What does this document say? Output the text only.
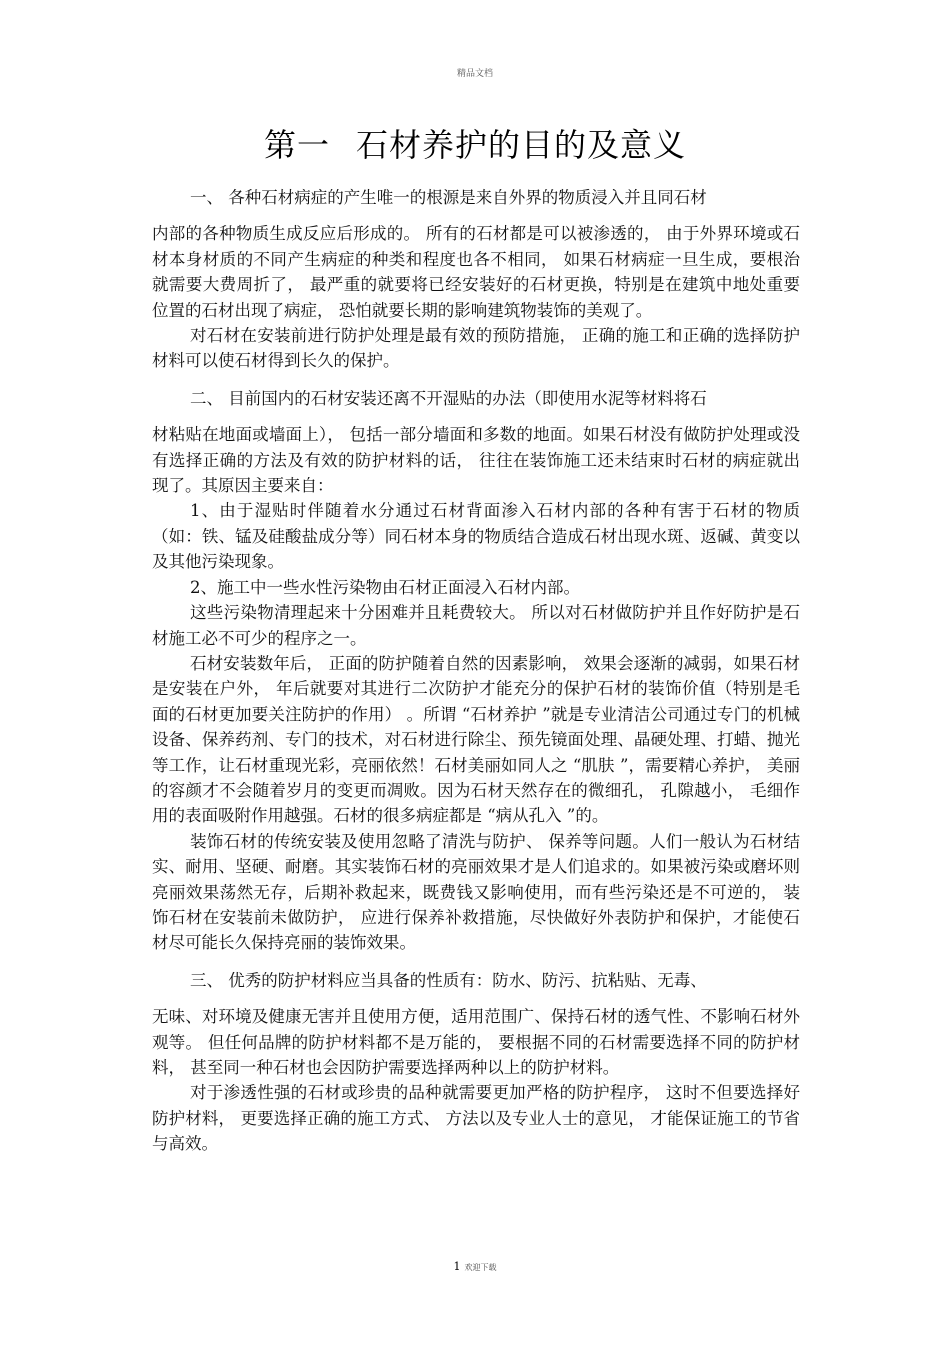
精品文档
第一 石材养护的目的及意义

一、 各种石材病症的产生唯一的根源是来自外界的物质浸入并且同石材

内部的各种物质生成反应后形成的。 所有的石材都是可以被渗透的， 由于外界环境或石材本身材质的不同产生病症的种类和程度也各不相同， 如果石材病症一旦生成，要根治就需要大费周折了， 最严重的就要将已经安装好的石材更换，特别是在建筑中地处重要位置的石材出现了病症， 恐怕就要长期的影响建筑物装饰的美观了。

对石材在安装前进行防护处理是最有效的预防措施， 正确的施工和正确的选择防护材料可以使石材得到长久的保护。

二、 目前国内的石材安装还离不开湿贴的办法（即使用水泥等材料将石

材粘贴在地面或墙面上）， 包括一部分墙面和多数的地面。如果石材没有做防护处理或没有选择正确的方法及有效的防护材料的话， 往往在装饰施工还未结束时石材的病症就出现了。其原因主要来自：

1、由于湿贴时伴随着水分通过石材背面渗入石材内部的各种有害于石材的物质（如：铁、锰及硅酸盐成分等）同石材本身的物质结合造成石材出现水斑、返碱、黄变以及其他污染现象。

2、施工中一些水性污染物由石材正面浸入石材内部。

这些污染物清理起来十分困难并且耗费较大。 所以对石材做防护并且作好防护是石材施工必不可少的程序之一。

石材安装数年后， 正面的防护随着自然的因素影响， 效果会逐渐的减弱，如果石材是安装在户外， 年后就要对其进行二次防护才能充分的保护石材的装饰价值（特别是毛面的石材更加要关注防护的作用） 。所谓 “石材养护 ”就是专业清洁公司通过专门的机械设备、保养药剂、专门的技术，对石材进行除尘、预先镜面处理、晶硬处理、打蜡、抛光等工作，让石材重现光彩，亮丽依然！石材美丽如同人之 “肌肤 ”，需要精心养护， 美丽的容颜才不会随着岁月的变更而凋败。因为石材天然存在的微细孔， 孔隙越小， 毛细作用的表面吸附作用越强。石材的很多病症都是 “病从孔入 ”的。

装饰石材的传统安装及使用忽略了清洗与防护、 保养等问题。人们一般认为石材结实、耐用、坚硬、耐磨。其实装饰石材的亮丽效果才是人们追求的。如果被污染或磨坏则亮丽效果荡然无存，后期补救起来，既费钱又影响使用，而有些污染还是不可逆的， 装饰石材在安装前未做防护， 应进行保养补救措施，尽快做好外表防护和保护，才能使石材尽可能长久保持亮丽的装饰效果。

三、 优秀的防护材料应当具备的性质有：防水、防污、抗粘贴、无毒、

无味、对环境及健康无害并且使用方便，适用范围广、保持石材的透气性、不影响石材外观等。 但任何品牌的防护材料都不是万能的， 要根据不同的石材需要选择不同的防护材料， 甚至同一种石材也会因防护需要选择两种以上的防护材料。

对于渗透性强的石材或珍贵的品种就需要更加严格的防护程序， 这时不但要选择好防护材料， 更要选择正确的施工方式、 方法以及专业人士的意见， 才能保证施工的节省与高效。

1 欢迎下载
